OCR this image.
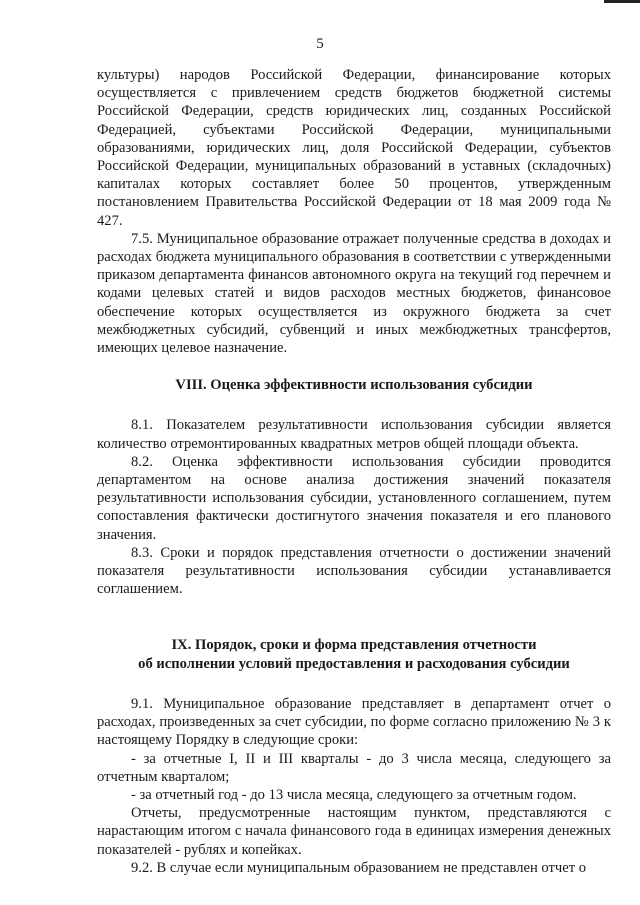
5

культуры) народов Российской Федерации, финансирование которых осуществляется с привлечением средств бюджетов бюджетной системы Российской Федерации, средств юридических лиц, созданных Российской Федерацией, субъектами Российской Федерации, муниципальными образованиями, юридических лиц, доля Российской Федерации, субъектов Российской Федерации, муниципальных образований в уставных (складочных) капиталах которых составляет более 50 процентов, утвержденным постановлением Правительства Российской Федерации от 18 мая 2009 года № 427.

7.5. Муниципальное образование отражает полученные средства в доходах и расходах бюджета муниципального образования в соответствии с утвержденными приказом департамента финансов автономного округа на текущий год перечнем и кодами целевых статей и видов расходов местных бюджетов, финансовое обеспечение которых осуществляется из окружного бюджета за счет межбюджетных субсидий, субвенций и иных межбюджетных трансфертов, имеющих целевое назначение.

VIII. Оценка эффективности использования субсидии

8.1. Показателем результативности использования субсидии является количество отремонтированных квадратных метров общей площади объекта.

8.2. Оценка эффективности использования субсидии проводится департаментом на основе анализа достижения значений показателя результативности использования субсидии, установленного соглашением, путем сопоставления фактически достигнутого значения показателя и его планового значения.

8.3. Сроки и порядок представления отчетности о достижении значений показателя результативности использования субсидии устанавливается соглашением.

IX. Порядок, сроки и форма представления отчетности
об исполнении условий предоставления и расходования субсидии

9.1. Муниципальное образование представляет в департамент отчет о расходах, произведенных за счет субсидии, по форме согласно приложению № 3 к настоящему Порядку в следующие сроки:

- за отчетные I, II и III кварталы - до 3 числа месяца, следующего за отчетным кварталом;

- за отчетный год - до 13 числа месяца, следующего за отчетным годом.

Отчеты, предусмотренные настоящим пунктом, представляются с нарастающим итогом с начала финансового года в единицах измерения денежных показателей - рублях и копейках.

9.2. В случае если муниципальным образованием не представлен отчет о
